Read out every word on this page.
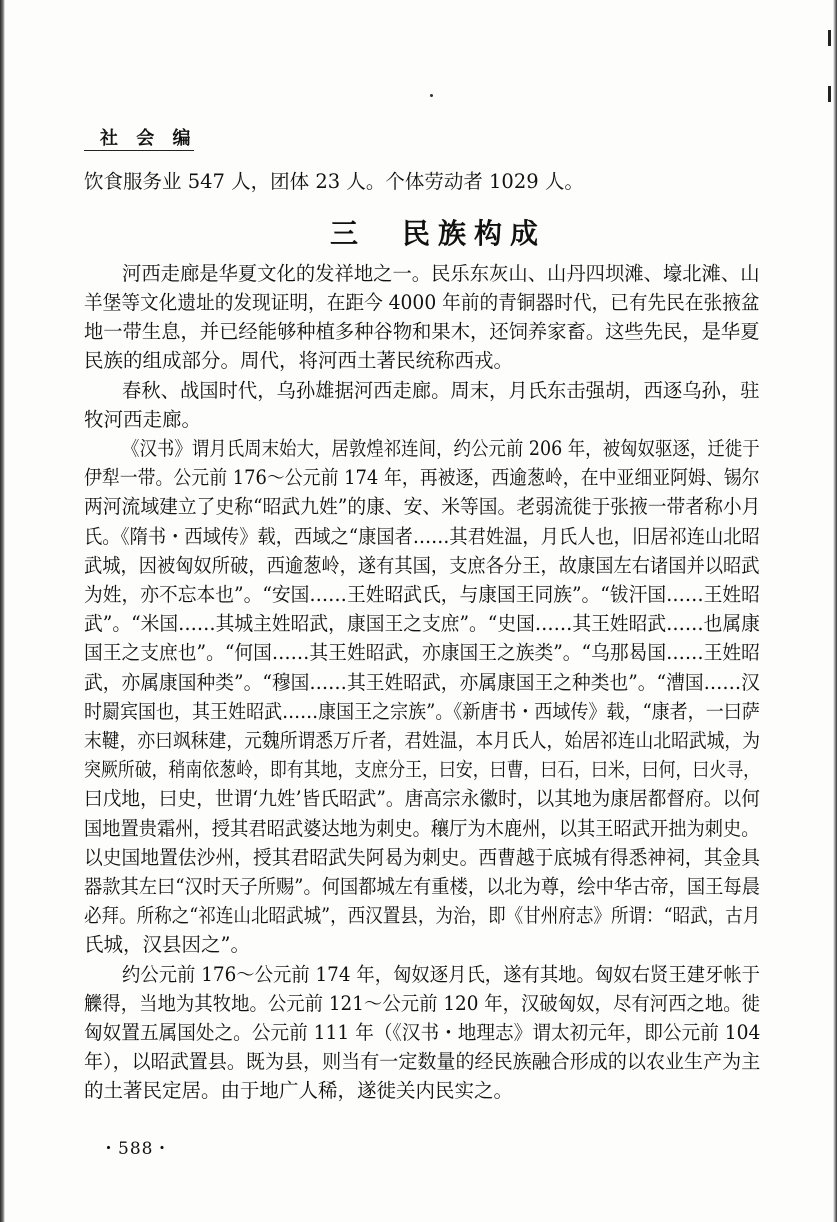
社 会 编
饮食服务业 547 人，团体 23 人。个体劳动者 1029 人。
三　民族构成
河西走廊是华夏文化的发祥地之一。民乐东灰山、山丹四坝滩、壕北滩、山
羊堡等文化遗址的发现证明，在距今 4000 年前的青铜器时代，已有先民在张掖盆
地一带生息，并已经能够种植多种谷物和果木，还饲养家畜。这些先民，是华夏
民族的组成部分。周代，将河西土著民统称西戎。
春秋、战国时代，乌孙雄据河西走廊。周末，月氏东击强胡，西逐乌孙，驻
牧河西走廊。
《汉书》谓月氏周末始大，居敦煌祁连间，约公元前 206 年，被匈奴驱逐，迁徙于
伊犁一带。公元前 176～公元前 174 年，再被逐，西逾葱岭，在中亚细亚阿姆、锡尔
两河流域建立了史称“昭武九姓”的康、安、米等国。老弱流徙于张掖一带者称小月
氏。《隋书・西域传》载，西域之“康国者……其君姓温，月氏人也，旧居祁连山北昭
武城，因被匈奴所破，西逾葱岭，遂有其国，支庶各分王，故康国左右诸国并以昭武
为姓，亦不忘本也”。“安国……王姓昭武氏，与康国王同族”。“钹汗国……王姓昭
武”。“米国……其城主姓昭武，康国王之支庶”。“史国……其王姓昭武……也属康
国王之支庶也”。“何国……其王姓昭武，亦康国王之族类”。“乌那曷国……王姓昭
武，亦属康国种类”。“穆国……其王姓昭武，亦属康国王之种类也”。“漕国……汉
时罽宾国也，其王姓昭武……康国王之宗族”。《新唐书・西域传》载，“康者，一曰萨
末鞬，亦曰飒秣建，元魏所谓悉万斤者，君姓温，本月氏人，始居祁连山北昭武城，为
突厥所破，稍南依葱岭，即有其地，支庶分王，曰安，曰曹，曰石，曰米，曰何，曰火寻，
曰戊地，曰史，世谓‘九姓’皆氏昭武”。唐高宗永徽时，以其地为康居都督府。以何
国地置贵霜州，授其君昭武婆达地为刺史。穰厅为木鹿州，以其王昭武开拙为刺史。
以史国地置佉沙州，授其君昭武失阿曷为刺史。西曹越于底城有得悉神祠，其金具
器款其左曰“汉时天子所赐”。何国都城左有重楼，以北为尊，绘中华古帝，国王每晨
必拜。所称之“祁连山北昭武城”，西汉置县，为治，即《甘州府志》所谓：“昭武，古月
氏城，汉县因之”。
约公元前 176～公元前 174 年，匈奴逐月氏，遂有其地。匈奴右贤王建牙帐于
觻得，当地为其牧地。公元前 121～公元前 120 年，汉破匈奴，尽有河西之地。徙
匈奴置五属国处之。公元前 111 年（《汉书・地理志》谓太初元年，即公元前 104
年），以昭武置县。既为县，则当有一定数量的经民族融合形成的以农业生产为主
的土著民定居。由于地广人稀，遂徙关内民实之。
・588・
